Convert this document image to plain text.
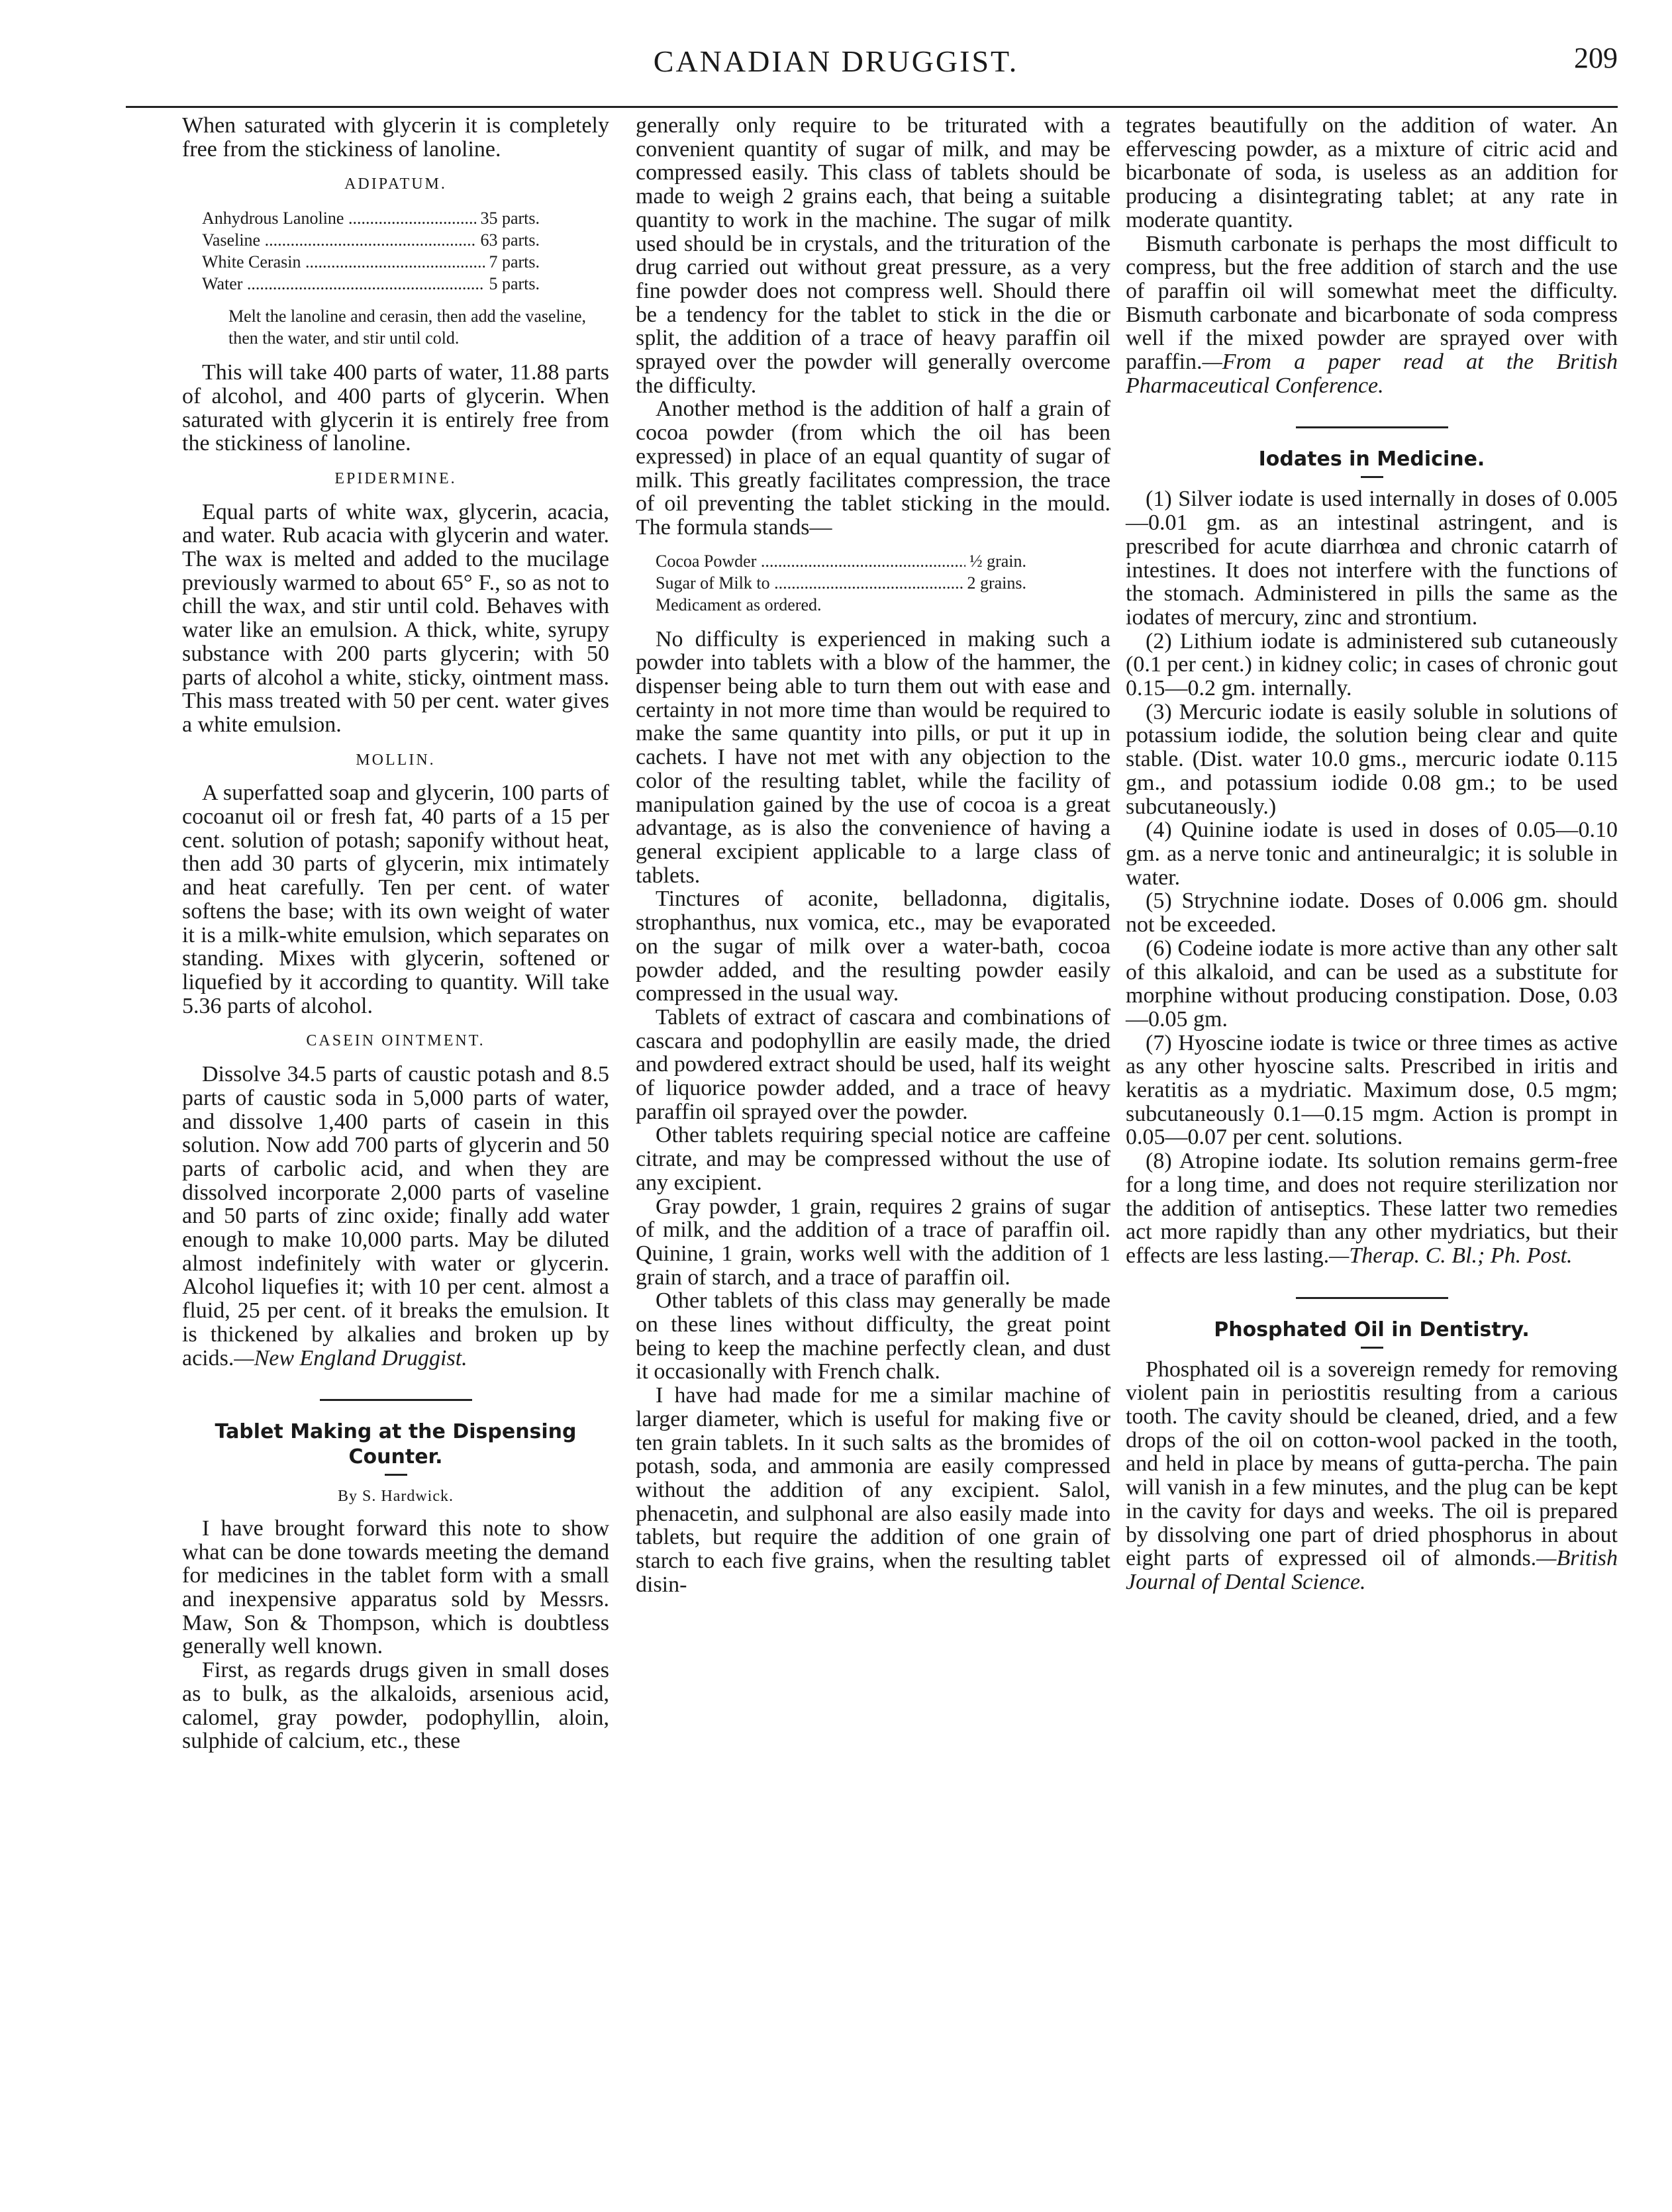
CANADIAN DRUGGIST.	209

When saturated with glycerin it is completely free from the stickiness of lanoline.

ADIPATUM.
Anhydrous Lanoline .....	35 parts.
Vaseline .....	63 parts.
White Cerasin .....	7 parts.
Water .....	5 parts.
Melt the lanoline and cerasin, then add the vaseline, then the water, and stir until cold.

This will take 400 parts of water, 11.88 parts of alcohol, and 400 parts of glycerin. When saturated with glycerin it is entirely free from the stickiness of lanoline.

EPIDERMINE.

Equal parts of white wax, glycerin, acacia, and water. Rub acacia with glycerin and water. The wax is melted and added to the mucilage previously warmed to about 65° F., so as not to chill the wax, and stir until cold. Behaves with water like an emulsion. A thick, white, syrupy substance with 200 parts glycerin; with 50 parts of alcohol a white, sticky, ointment mass. This mass treated with 50 per cent. water gives a white emulsion.

MOLLIN.

A superfatted soap and glycerin, 100 parts of cocoanut oil or fresh fat, 40 parts of a 15 per cent. solution of potash; saponify without heat, then add 30 parts of glycerin, mix intimately and heat carefully. Ten per cent. of water softens the base; with its own weight of water it is a milk-white emulsion, which separates on standing. Mixes with glycerin, softened or liquefied by it according to quantity. Will take 5.36 parts of alcohol.

CASEIN OINTMENT.

Dissolve 34.5 parts of caustic potash and 8.5 parts of caustic soda in 5,000 parts of water, and dissolve 1,400 parts of casein in this solution. Now add 700 parts of glycerin and 50 parts of carbolic acid, and when they are dissolved incorporate 2,000 parts of vaseline and 50 parts of zinc oxide; finally add water enough to make 10,000 parts. May be diluted almost indefinitely with water or glycerin. Alcohol liquefies it; with 10 per cent. almost a fluid, 25 per cent. of it breaks the emulsion. It is thickened by alkalies and broken up by acids.—New England Druggist.

Tablet Making at the Dispensing
Counter.
By S. Hardwick.

I have brought forward this note to show what can be done towards meeting the demand for medicines in the tablet form with a small and inexpensive apparatus sold by Messrs. Maw, Son & Thompson, which is doubtless generally well known.

First, as regards drugs given in small doses as to bulk, as the alkaloids, arsenious acid, calomel, gray powder, podophyllin, aloin, sulphide of calcium, etc., these

generally only require to be triturated with a convenient quantity of sugar of milk, and may be compressed easily. This class of tablets should be made to weigh 2 grains each, that being a suitable quantity to work in the machine. The sugar of milk used should be in crystals, and the trituration of the drug carried out without great pressure, as a very fine powder does not compress well. Should there be a tendency for the tablet to stick in the die or split, the addition of a trace of heavy paraffin oil sprayed over the powder will generally overcome the difficulty.

Another method is the addition of half a grain of cocoa powder (from which the oil has been expressed) in place of an equal quantity of sugar of milk. This greatly facilitates compression, the trace of oil preventing the tablet sticking in the mould. The formula stands—

Cocoa Powder .....	½ grain.
Sugar of Milk to .....	2 grains.
Medicament as ordered.

No difficulty is experienced in making such a powder into tablets with a blow of the hammer, the dispenser being able to turn them out with ease and certainty in not more time than would be required to make the same quantity into pills, or put it up in cachets. I have not met with any objection to the color of the resulting tablet, while the facility of manipulation gained by the use of cocoa is a great advantage, as is also the convenience of having a general excipient applicable to a large class of tablets.

Tinctures of aconite, belladonna, digitalis, strophanthus, nux vomica, etc., may be evaporated on the sugar of milk over a water-bath, cocoa powder added, and the resulting powder easily compressed in the usual way.

Tablets of extract of cascara and combinations of cascara and podophyllin are easily made, the dried and powdered extract should be used, half its weight of liquorice powder added, and a trace of heavy paraffin oil sprayed over the powder.

Other tablets requiring special notice are caffeine citrate, and may be compressed without the use of any excipient.

Gray powder, 1 grain, requires 2 grains of sugar of milk, and the addition of a trace of paraffin oil. Quinine, 1 grain, works well with the addition of 1 grain of starch, and a trace of paraffin oil.

Other tablets of this class may generally be made on these lines without difficulty, the great point being to keep the machine perfectly clean, and dust it occasionally with French chalk.

I have had made for me a similar machine of larger diameter, which is useful for making five or ten grain tablets. In it such salts as the bromides of potash, soda, and ammonia are easily compressed without the addition of any excipient. Salol, phenacetin, and sulphonal are also easily made into tablets, but require the addition of one grain of starch to each five grains, when the resulting tablet disin-

tegrates beautifully on the addition of water. An effervescing powder, as a mixture of citric acid and bicarbonate of soda, is useless as an addition for producing a disintegrating tablet; at any rate in moderate quantity.

Bismuth carbonate is perhaps the most difficult to compress, but the free addition of starch and the use of paraffin oil will somewhat meet the difficulty. Bismuth carbonate and bicarbonate of soda compress well if the mixed powder are sprayed over with paraffin.—From a paper read at the British Pharmaceutical Conference.

Iodates in Medicine.

(1) Silver iodate is used internally in doses of 0.005—0.01 gm. as an intestinal astringent, and is prescribed for acute diarrhœa and chronic catarrh of intestines. It does not interfere with the functions of the stomach. Administered in pills the same as the iodates of mercury, zinc and strontium.

(2) Lithium iodate is administered sub cutaneously (0.1 per cent.) in kidney colic; in cases of chronic gout 0.15—0.2 gm. internally.

(3) Mercuric iodate is easily soluble in solutions of potassium iodide, the solution being clear and quite stable. (Dist. water 10.0 gms., mercuric iodate 0.115 gm., and potassium iodide 0.08 gm.; to be used subcutaneously.)

(4) Quinine iodate is used in doses of 0.05—0.10 gm. as a nerve tonic and antineuralgic; it is soluble in water.

(5) Strychnine iodate. Doses of 0.006 gm. should not be exceeded.

(6) Codeine iodate is more active than any other salt of this alkaloid, and can be used as a substitute for morphine without producing constipation. Dose, 0.03—0.05 gm.

(7) Hyoscine iodate is twice or three times as active as any other hyoscine salts. Prescribed in iritis and keratitis as a mydriatic. Maximum dose, 0.5 mgm; subcutaneously 0.1—0.15 mgm. Action is prompt in 0.05—0.07 per cent. solutions.

(8) Atropine iodate. Its solution remains germ-free for a long time, and does not require sterilization nor the addition of antiseptics. These latter two remedies act more rapidly than any other mydriatics, but their effects are less lasting.—Therap. C. Bl.; Ph. Post.

Phosphated Oil in Dentistry.

Phosphated oil is a sovereign remedy for removing violent pain in periostitis resulting from a carious tooth. The cavity should be cleaned, dried, and a few drops of the oil on cotton-wool packed in the tooth, and held in place by means of gutta-percha. The pain will vanish in a few minutes, and the plug can be kept in the cavity for days and weeks. The oil is prepared by dissolving one part of dried phosphorus in about eight parts of expressed oil of almonds.—British Journal of Dental Science.
